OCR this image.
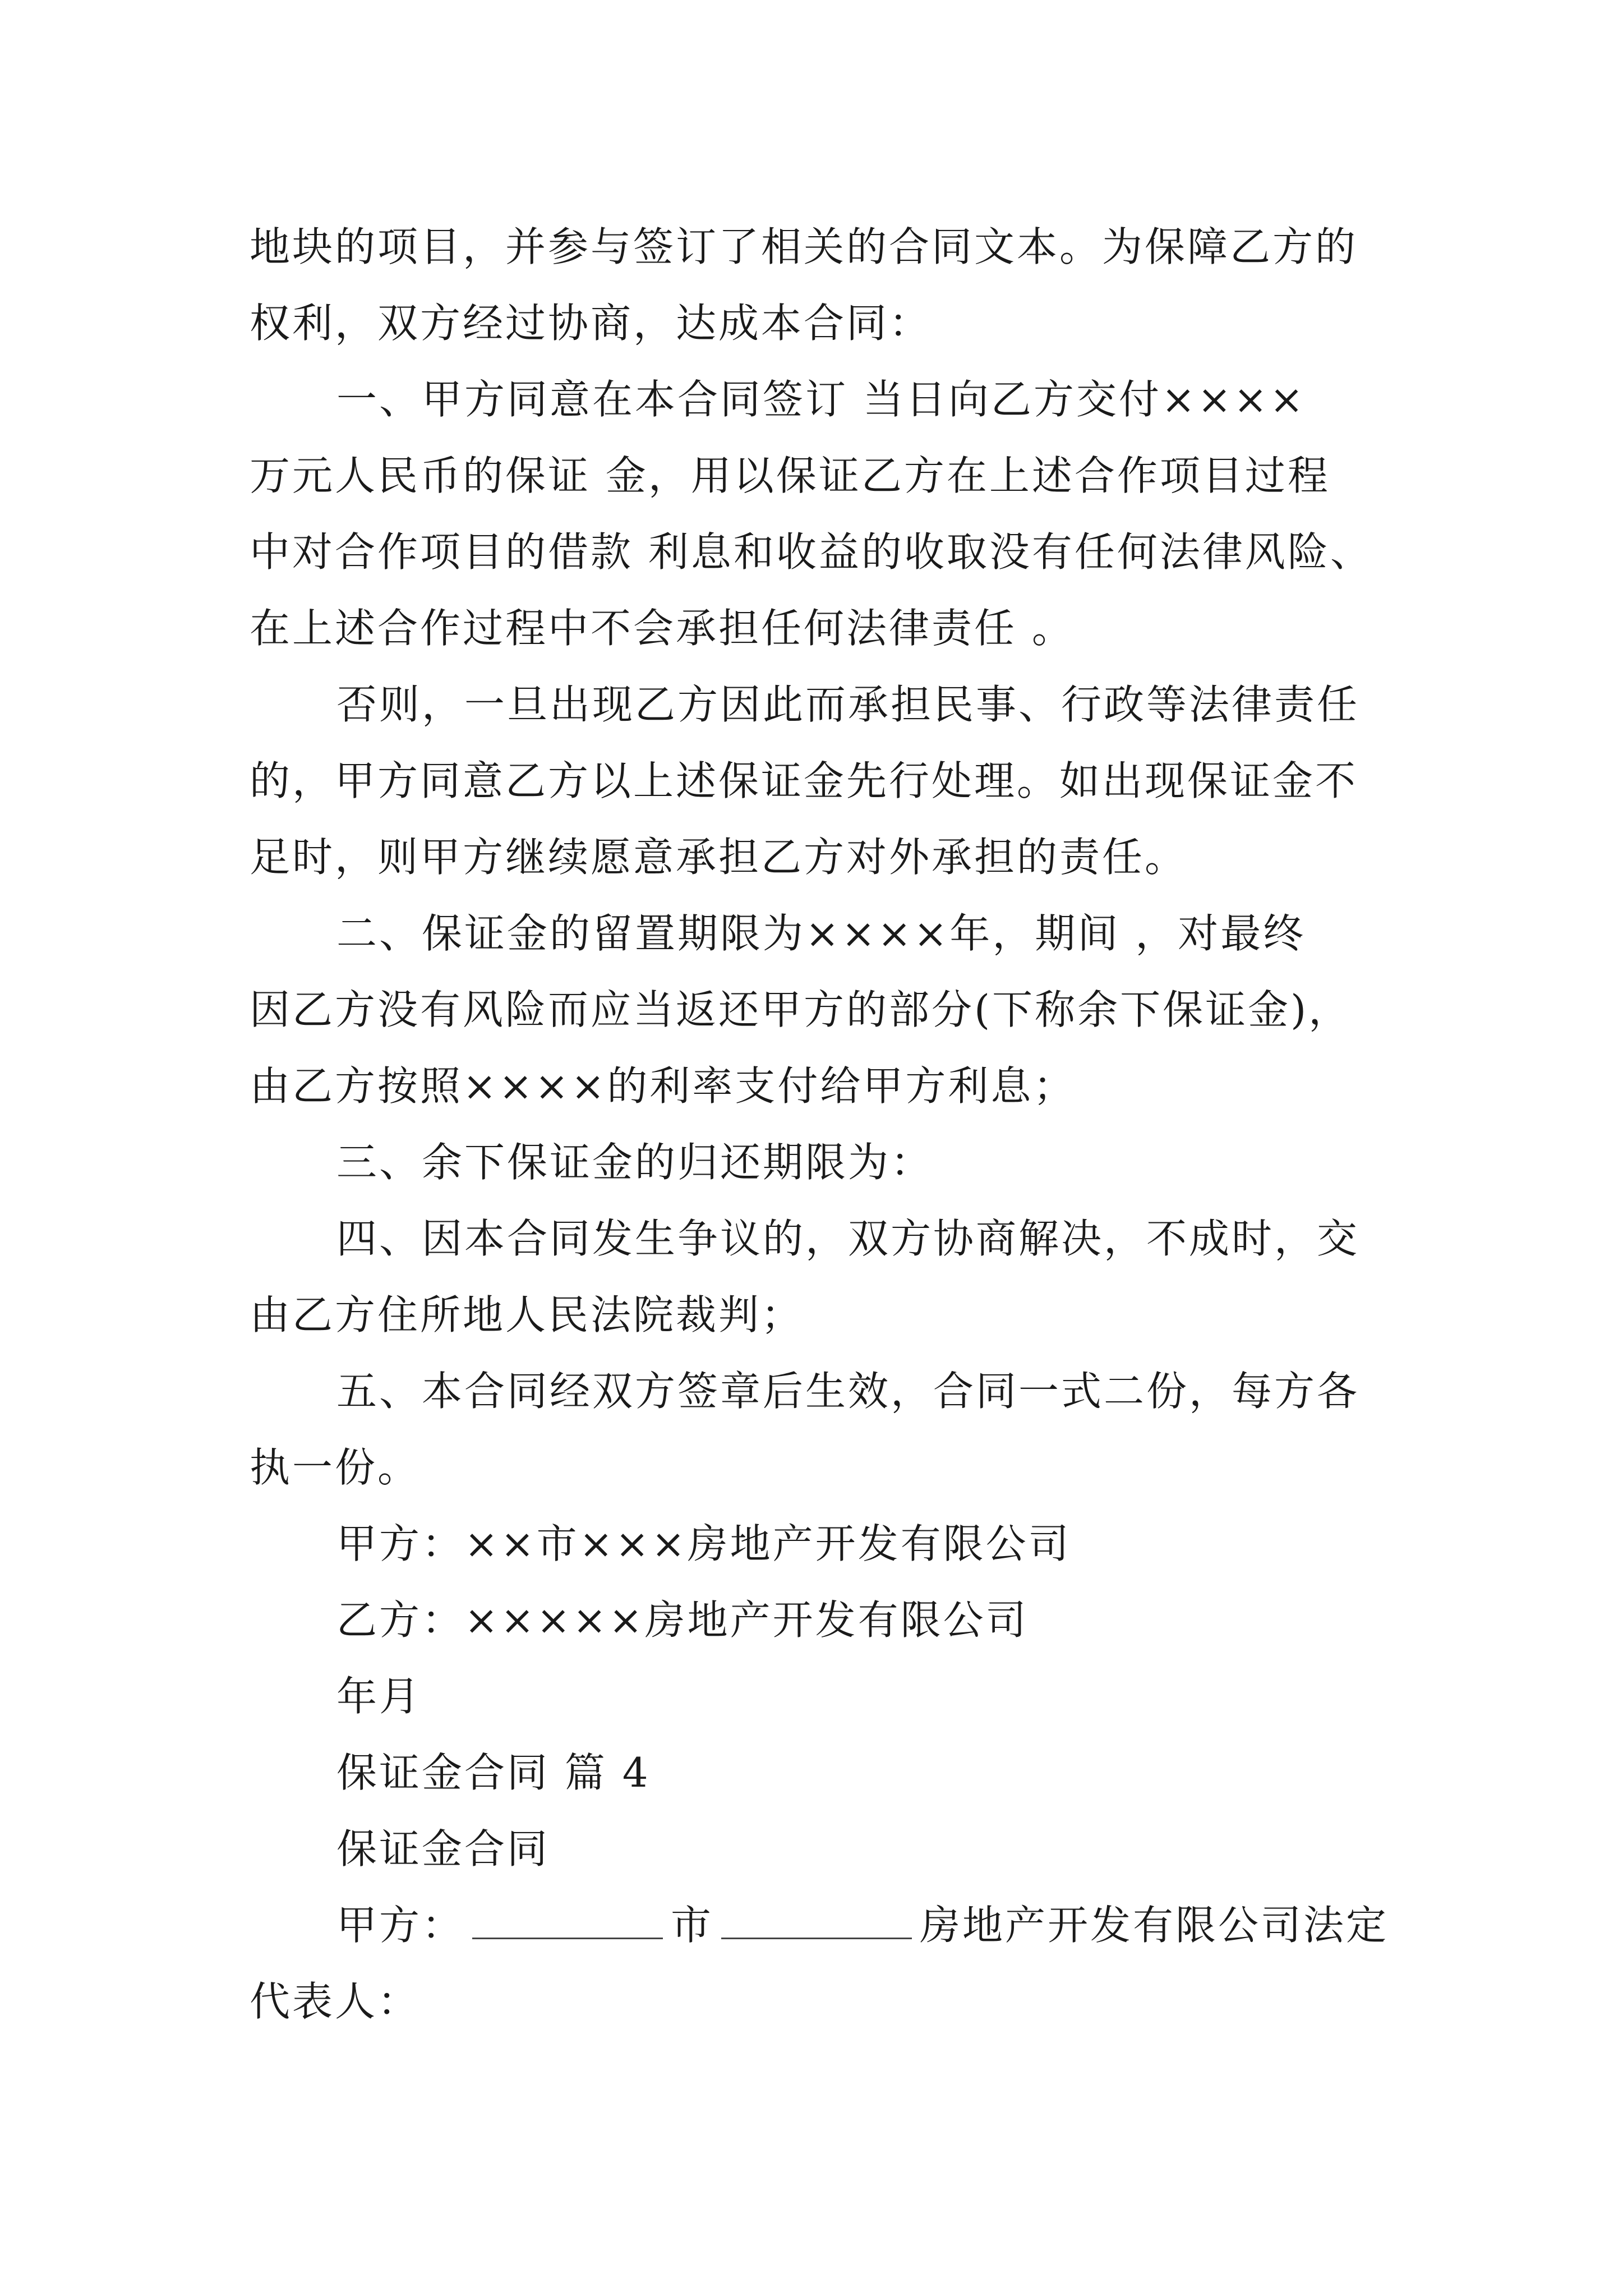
地块的项目，并参与签订了相关的合同文本。为保障乙方的
权利，双方经过协商，达成本合同：
一、甲方同意在本合同签订 当日向乙方交付××××
万元人民币的保证 金，用以保证乙方在上述合作项目过程
中对合作项目的借款 利息和收益的收取没有任何法律风险、
在上述合作过程中不会承担任何法律责任 。
否则，一旦出现乙方因此而承担民事、行政等法律责任
的，甲方同意乙方以上述保证金先行处理。如出现保证金不
足时，则甲方继续愿意承担乙方对外承担的责任。
二、保证金的留置期限为××××年，期间 ，对最终
因乙方没有风险而应当返还甲方的部分(下称余下保证金)，
由乙方按照××××的利率支付给甲方利息；
三、余下保证金的归还期限为：
四、因本合同发生争议的，双方协商解决，不成时，交
由乙方住所地人民法院裁判；
五、本合同经双方签章后生效，合同一式二份，每方各
执一份。
甲方：××市×××房地产开发有限公司
乙方：×××××房地产开发有限公司
年月
保证金合同 篇 4
保证金合同
甲方：	市	房地产开发有限公司法定
代表人：
